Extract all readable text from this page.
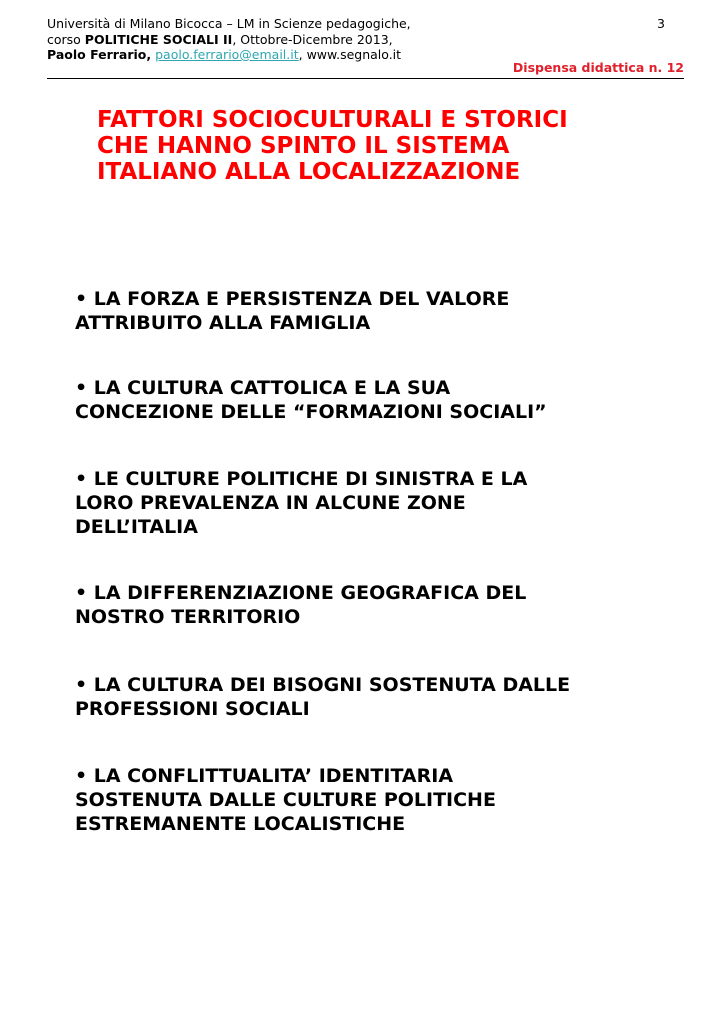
Università di Milano Bicocca – LM in Scienze pedagogiche,
corso POLITICHE SOCIALI II, Ottobre-Dicembre 2013,
Paolo Ferrario, paolo.ferrario@email.it, www.segnalo.it
3
Dispensa didattica n. 12
FATTORI SOCIOCULTURALI E STORICI
CHE HANNO SPINTO IL SISTEMA
ITALIANO ALLA LOCALIZZAZIONE
• LA FORZA E PERSISTENZA DEL VALORE
ATTRIBUITO ALLA FAMIGLIA
• LA CULTURA CATTOLICA E LA SUA
CONCEZIONE DELLE “FORMAZIONI SOCIALI”
• LE CULTURE POLITICHE DI SINISTRA E LA
LORO PREVALENZA IN ALCUNE ZONE
DELL’ITALIA
• LA DIFFERENZIAZIONE GEOGRAFICA DEL
NOSTRO TERRITORIO
• LA CULTURA DEI BISOGNI SOSTENUTA DALLE
PROFESSIONI SOCIALI
• LA CONFLITTUALITA’ IDENTITARIA
SOSTENUTA DALLE CULTURE POLITICHE
ESTREMANENTE LOCALISTICHE
